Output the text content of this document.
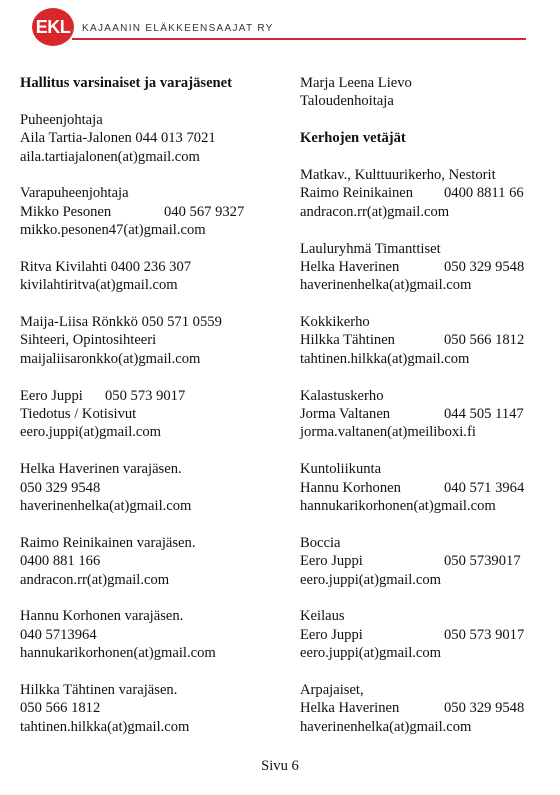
EKL KAJAANIN ELÄKKEENSAAJAT RY
Hallitus varsinaiset ja varajäsenet
Puheenjohtaja
Aila Tartia-Jalonen 044 013 7021
aila.tartiajalonen(at)gmail.com
Varapuheenjohtaja
Mikko Pesonen	040 567 9327
mikko.pesonen47(at)gmail.com
Ritva Kivilahti 0400 236 307
kivilahtiritva(at)gmail.com
Maija-Liisa Rönkkö 050 571 0559
Sihteeri, Opintosihteeri
maijaliisaronkko(at)gmail.com
Eero Juppi 050 573 9017
Tiedotus / Kotisivut
eero.juppi(at)gmail.com
Helka Haverinen varajäsen.
050 329 9548
haverinenhelka(at)gmail.com
Raimo Reinikainen varajäsen.
0400 881 166
andracon.rr(at)gmail.com
Hannu Korhonen varajäsen.
040 5713964
hannukarikorhonen(at)gmail.com
Hilkka Tähtinen varajäsen.
050 566 1812
tahtinen.hilkka(at)gmail.com
Marja Leena Lievo
Taloudenhoitaja
Kerhojen vetäjät
Matkav., Kulttuurikerho, Nestorit
Raimo Reinikainen 0400 8811 66
andracon.rr(at)gmail.com
Lauluryhmä Timanttiset
Helka Haverinen	050 329 9548
haverinenhelka(at)gmail.com
Kokkikerho
Hilkka Tähtinen	050 566 1812
tahtinen.hilkka(at)gmail.com
Kalastuskerho
Jorma Valtanen	044 505 1147
jorma.valtanen(at)meiliboxi.fi
Kuntoliikunta
Hannu Korhonen	040 571 3964
hannukarikorhonen(at)gmail.com
Boccia
Eero Juppi	050 5739017
eero.juppi(at)gmail.com
Keilaus
Eero Juppi	050 573 9017
eero.juppi(at)gmail.com
Arpajaiset,
Helka Haverinen	050 329 9548
haverinenhelka(at)gmail.com
Sivu 6
